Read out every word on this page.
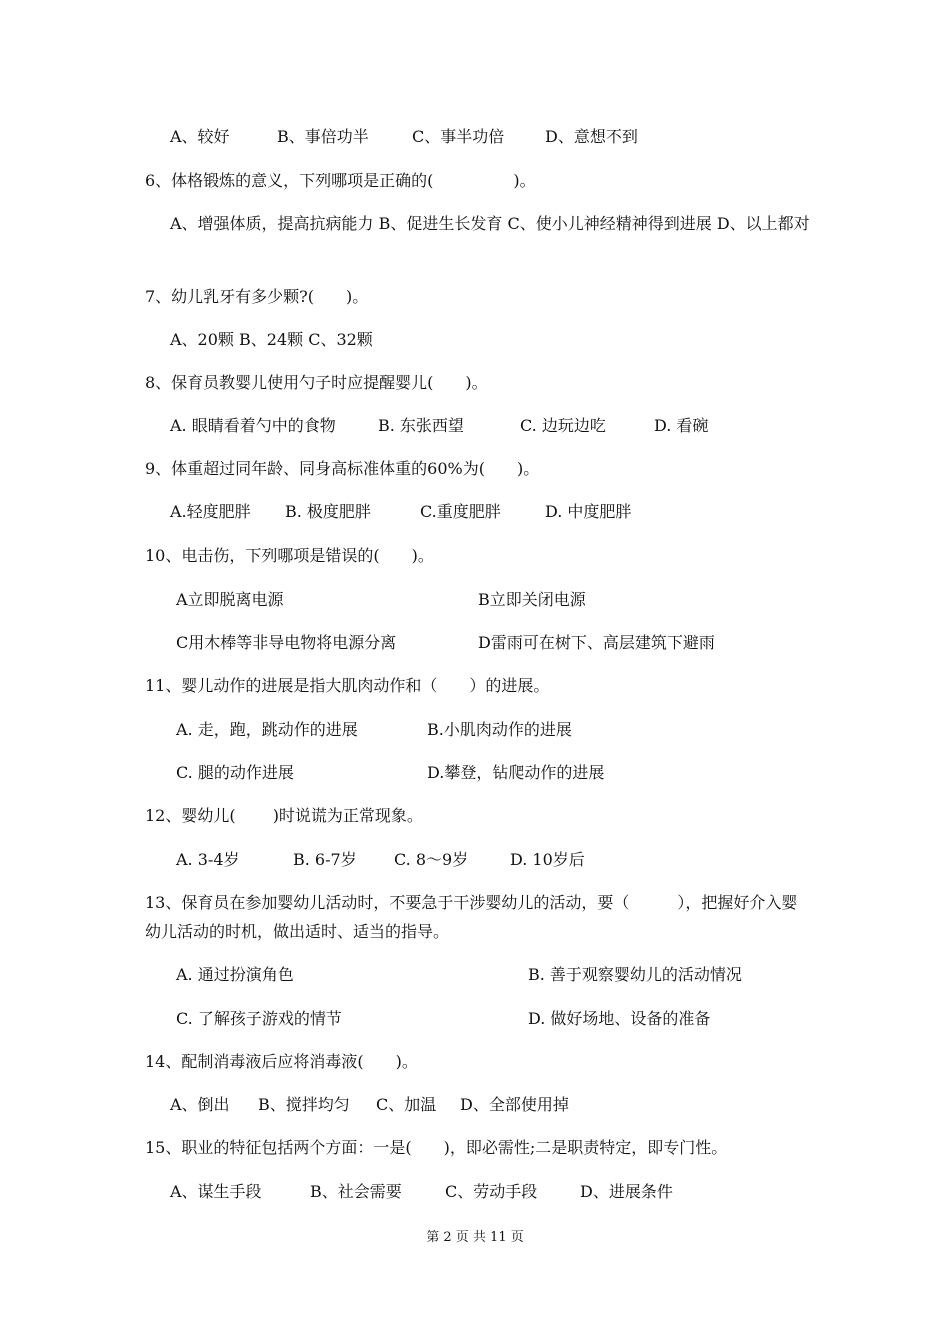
A、较好	B、事倍功半	C、事半功倍	D、意想不到
6、体格锻炼的意义，下列哪项是正确的(　　　　　)。
A、增强体质，提高抗病能力 B、促进生长发育 C、使小儿神经精神得到进展 D、以上都对
7、幼儿乳牙有多少颗?(　　)。
A、20颗 B、24颗 C、32颗
8、保育员教婴儿使用勺子时应提醒婴儿(　　)。
A. 眼睛看着勺中的食物	B. 东张西望	C. 边玩边吃	D. 看碗
9、体重超过同年龄、同身高标准体重的60%为(　　)。
A.轻度肥胖 B. 极度肥胖	C.重度肥胖	D. 中度肥胖
10、电击伤，下列哪项是错误的(　　)。
A立即脱离电源	B立即关闭电源
C用木棒等非导电物将电源分离	D雷雨可在树下、高层建筑下避雨
11、婴儿动作的进展是指大肌肉动作和（　　）的进展。
A. 走，跑，跳动作的进展	B.小肌肉动作的进展
C. 腿的动作进展	D.攀登，钻爬动作的进展
12、婴幼儿(　　 )时说谎为正常现象。
A. 3-4岁	B. 6-7岁 C. 8～9岁	D. 10岁后
13、保育员在参加婴幼儿活动时，不要急于干涉婴幼儿的活动，要（　　　），把握好介入婴幼儿活动的时机，做出适时、适当的指导。
A. 通过扮演角色	B. 善于观察婴幼儿的活动情况
C. 了解孩子游戏的情节	D. 做好场地、设备的准备
14、配制消毒液后应将消毒液(　　)。
A、倒出 B、搅拌均匀 C、加温 D、全部使用掉
15、职业的特征包括两个方面：一是(　　)，即必需性;二是职责特定，即专门性。
A、谋生手段	B、社会需要	C、劳动手段	D、进展条件
第 2 页 共 11 页
